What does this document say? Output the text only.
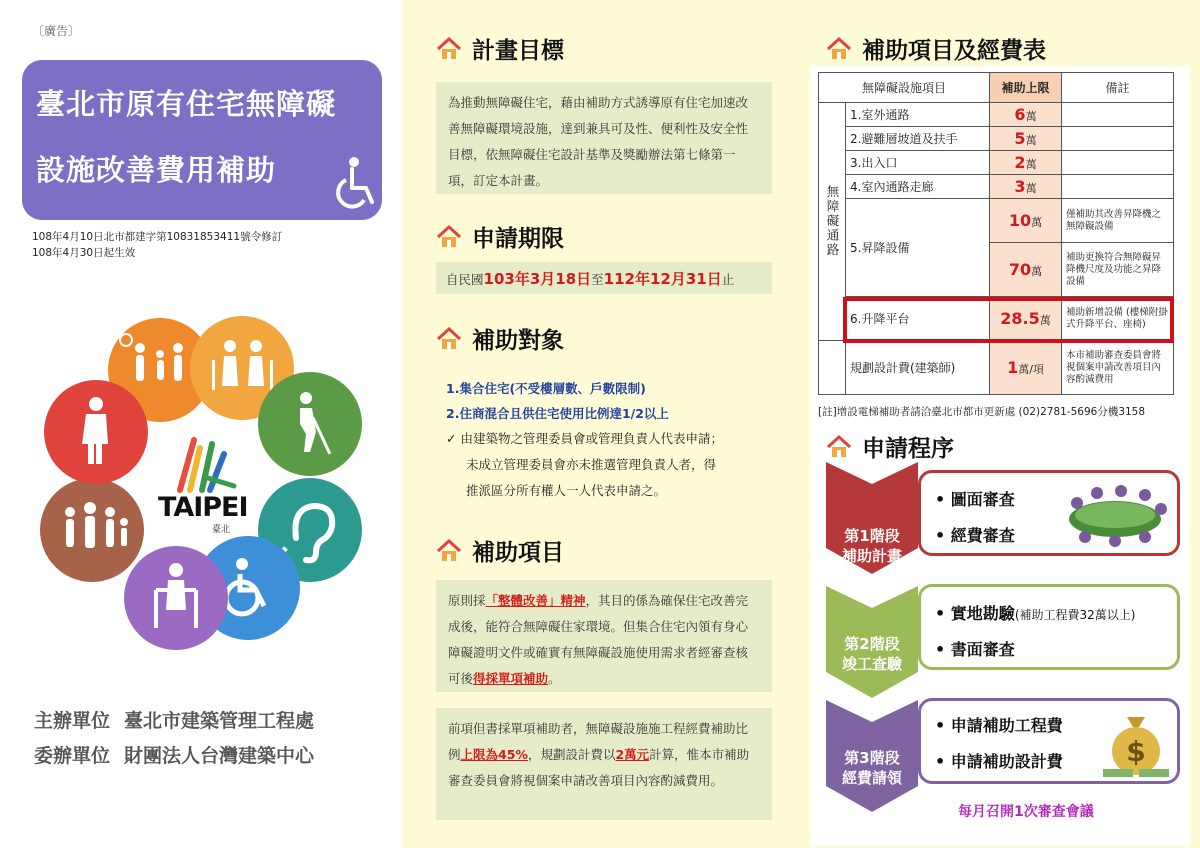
〔廣告〕
臺北市原有住宅無障礙
設施改善費用補助
108年4月10日北市都建字第10831853411號令修訂
108年4月30日起生效
TAIPEI
臺北
主辦單位 臺北市建築管理工程處
委辦單位 財團法人台灣建築中心
計畫目標
為推動無障礙住宅，藉由補助方式誘導原有住宅加速改善無障礙環境設施，達到兼具可及性、便利性及安全性目標，依無障礙住宅設計基準及獎勵辦法第七條第一項，訂定本計畫。
申請期限
自民國103年3月18日至112年12月31日止
補助對象
1.集合住宅(不受樓層數、戶數限制)
2.住商混合且供住宅使用比例達1/2以上
✓ 由建築物之管理委員會或管理負責人代表申請；
未成立管理委員會亦未推選管理負責人者，得
推派區分所有權人一人代表申請之。
補助項目
原則採「整體改善」精神，其目的係為確保住宅改善完成後，能符合無障礙住家環境。但集合住宅內領有身心障礙證明文件或確實有無障礙設施使用需求者經審查核可後得採單項補助。
前項但書採單項補助者，無障礙設施施工程經費補助比例上限為45%，規劃設計費以2萬元計算，惟本市補助審查委員會將視個案申請改善項目內容酌減費用。
補助項目及經費表
無障礙設施項目		補助上限	備註
無障礙通路	1.室外通路	6萬	
	2.避難層坡道及扶手	5萬	
	3.出入口	2萬	
	4.室內通路走廊	3萬	
	5.昇降設備	10萬	僅補助其改善昇降機之無障礙設備
		70萬	補助更換符合無障礙昇降機尺度及功能之昇降設備
	6.升降平台	28.5萬	補助新增設備 (樓梯附掛式升降平台、座椅)
	規劃設計費(建築師)	1萬/項	本市補助審查委員會將視個案申請改善項目內容酌減費用
[註]增設電梯補助者請洽臺北市都市更新處 (02)2781-5696分機3158
申請程序
• 圖面審查
• 經費審查
第1階段
補助計畫
• 實地勘驗(補助工程費32萬以上)
• 書面審查
第2階段
竣工查驗
• 申請補助工程費
• 申請補助設計費 $
第3階段
經費請領
每月召開1次審查會議
